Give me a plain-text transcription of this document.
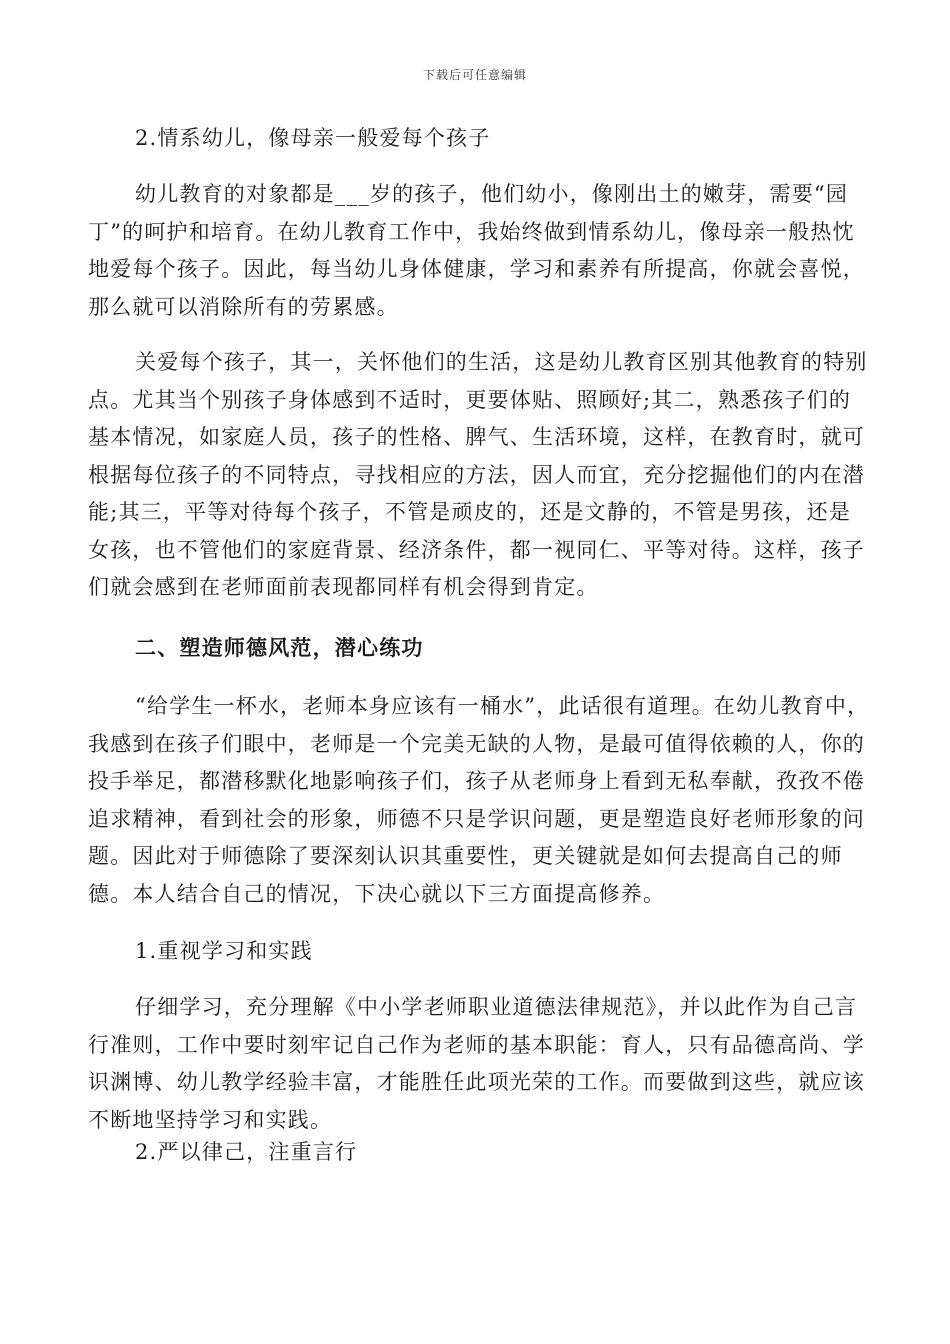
下载后可任意编辑

2.情系幼儿，像母亲一般爱每个孩子

幼儿教育的对象都是___岁的孩子，他们幼小，像刚出土的嫩芽，需要“园丁”的呵护和培育。在幼儿教育工作中，我始终做到情系幼儿，像母亲一般热忱地爱每个孩子。因此，每当幼儿身体健康，学习和素养有所提高，你就会喜悦，那么就可以消除所有的劳累感。

关爱每个孩子，其一，关怀他们的生活，这是幼儿教育区别其他教育的特别点。尤其当个别孩子身体感到不适时，更要体贴、照顾好;其二，熟悉孩子们的基本情况，如家庭人员，孩子的性格、脾气、生活环境，这样，在教育时，就可根据每位孩子的不同特点，寻找相应的方法，因人而宜，充分挖掘他们的内在潜能;其三，平等对待每个孩子，不管是顽皮的，还是文静的，不管是男孩，还是女孩，也不管他们的家庭背景、经济条件，都一视同仁、平等对待。这样，孩子们就会感到在老师面前表现都同样有机会得到肯定。

二、塑造师德风范，潜心练功

“给学生一杯水，老师本身应该有一桶水”，此话很有道理。在幼儿教育中，我感到在孩子们眼中，老师是一个完美无缺的人物，是最可值得依赖的人，你的投手举足，都潜移默化地影响孩子们，孩子从老师身上看到无私奉献，孜孜不倦追求精神，看到社会的形象，师德不只是学识问题，更是塑造良好老师形象的问题。因此对于师德除了要深刻认识其重要性，更关键就是如何去提高自己的师德。本人结合自己的情况，下决心就以下三方面提高修养。

1.重视学习和实践

仔细学习，充分理解《中小学老师职业道德法律规范》，并以此作为自己言行准则，工作中要时刻牢记自己作为老师的基本职能：育人，只有品德高尚、学识渊博、幼儿教学经验丰富，才能胜任此项光荣的工作。而要做到这些，就应该不断地坚持学习和实践。

2.严以律己，注重言行
